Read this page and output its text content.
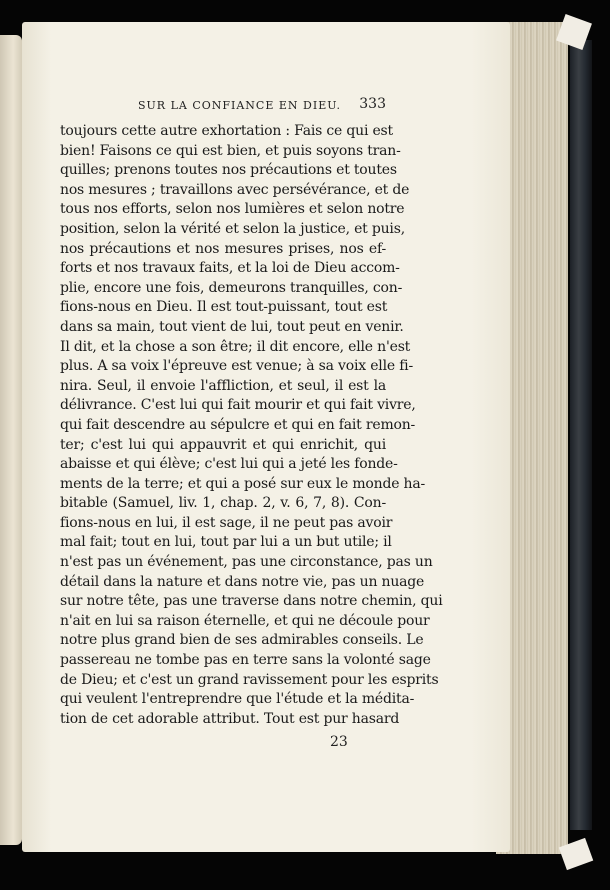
SUR LA CONFIANCE EN DIEU. 333
toujours cette autre exhortation : Fais ce qui est
bien! Faisons ce qui est bien, et puis soyons tran-
quilles; prenons toutes nos précautions et toutes
nos mesures ; travaillons avec persévérance, et de
tous nos efforts, selon nos lumières et selon notre
position, selon la vérité et selon la justice, et puis,
nos précautions et nos mesures prises, nos ef-
forts et nos travaux faits, et la loi de Dieu accom-
plie, encore une fois, demeurons tranquilles, con-
fions-nous en Dieu. Il est tout-puissant, tout est
dans sa main, tout vient de lui, tout peut en venir.
Il dit, et la chose a son être; il dit encore, elle n'est
plus. A sa voix l'épreuve est venue; à sa voix elle fi-
nira. Seul, il envoie l'affliction, et seul, il est la
délivrance. C'est lui qui fait mourir et qui fait vivre,
qui fait descendre au sépulcre et qui en fait remon-
ter; c'est lui qui appauvrit et qui enrichit, qui
abaisse et qui élève; c'est lui qui a jeté les fonde-
ments de la terre; et qui a posé sur eux le monde ha-
bitable (Samuel, liv. 1, chap. 2, v. 6, 7, 8). Con-
fions-nous en lui, il est sage, il ne peut pas avoir
mal fait; tout en lui, tout par lui a un but utile; il
n'est pas un événement, pas une circonstance, pas un
détail dans la nature et dans notre vie, pas un nuage
sur notre tête, pas une traverse dans notre chemin, qui
n'ait en lui sa raison éternelle, et qui ne découle pour
notre plus grand bien de ses admirables conseils. Le
passereau ne tombe pas en terre sans la volonté sage
de Dieu; et c'est un grand ravissement pour les esprits
qui veulent l'entreprendre que l'étude et la médita-
tion de cet adorable attribut. Tout est pur hasard
23
